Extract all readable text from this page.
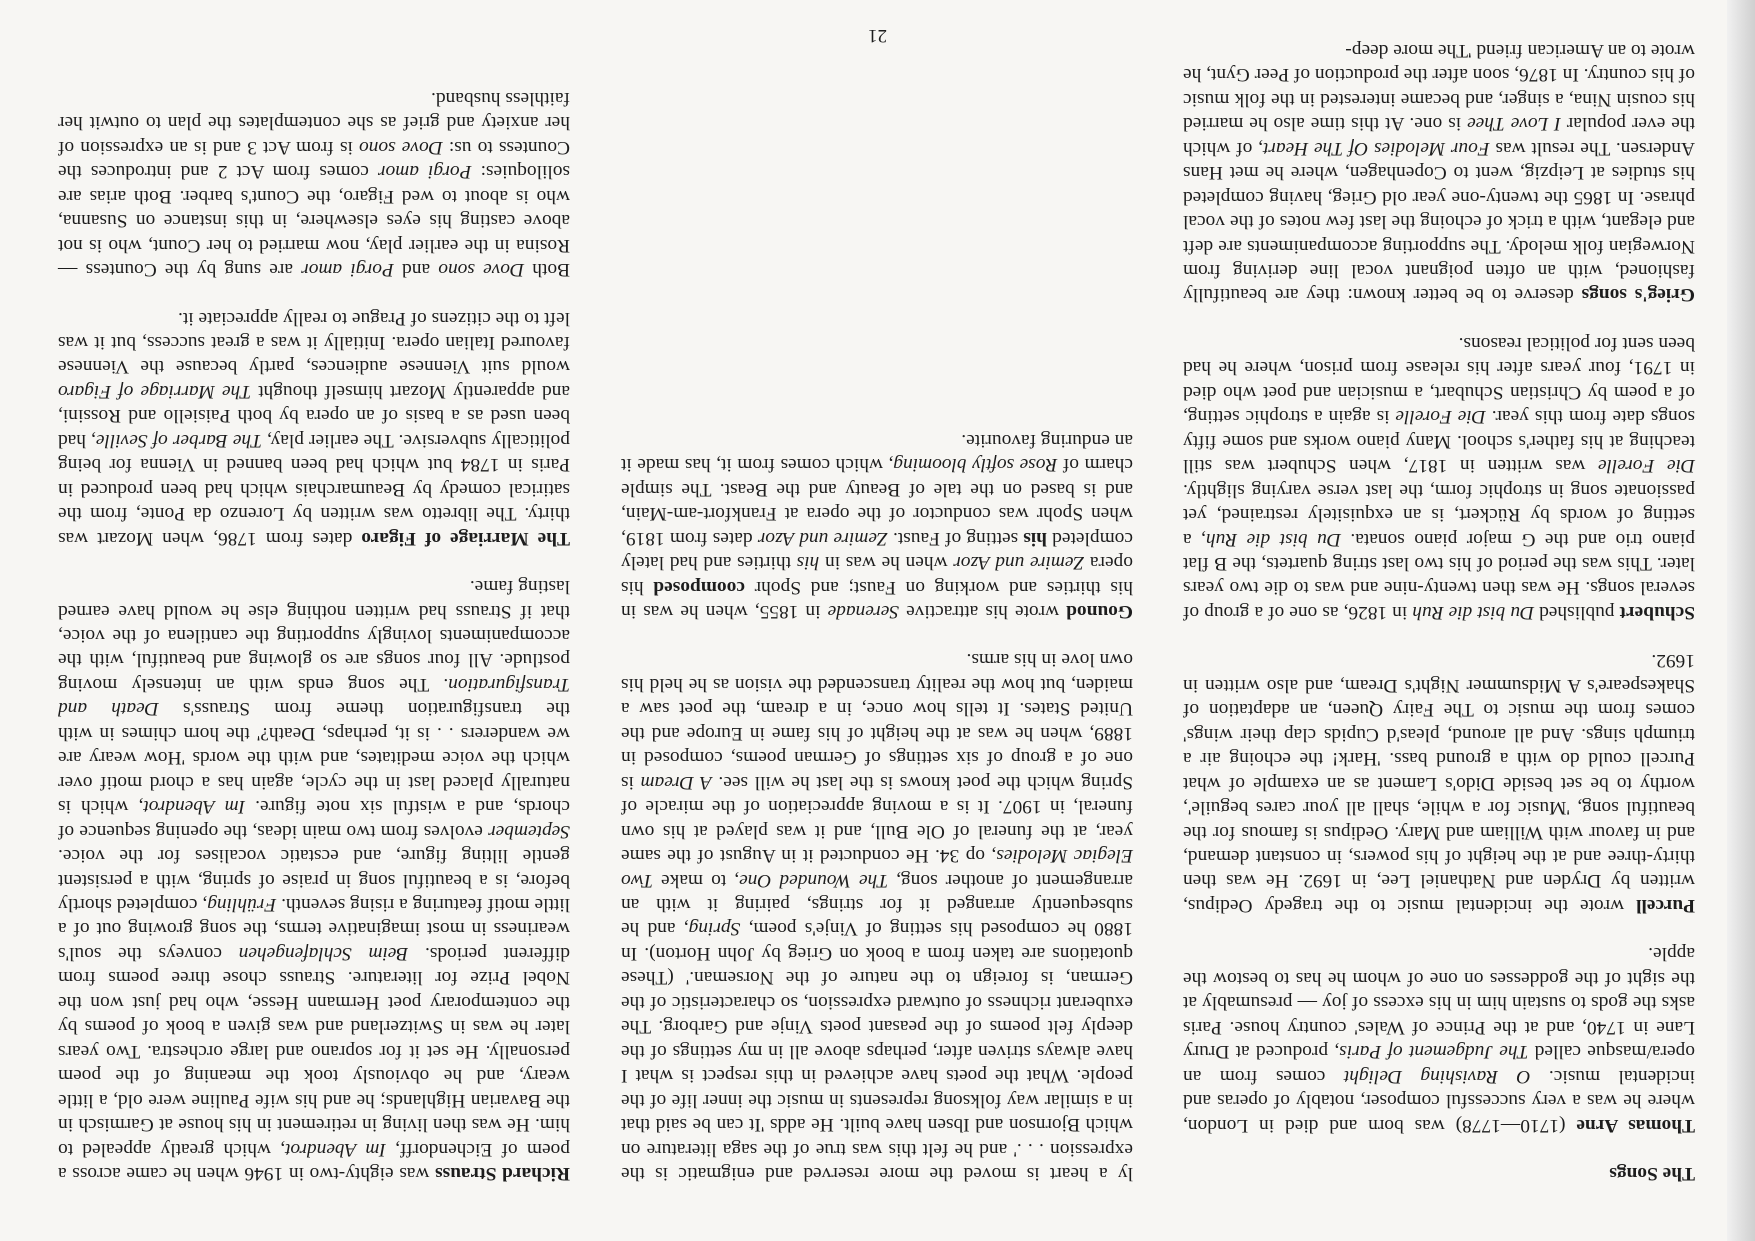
The Songs

Thomas Arne (1710—1778) was born and died in London, where he was a very successful composer, notably of operas and incidental music. O Ravishing Delight comes from an opera/masque called The Judgement of Paris, produced at Drury Lane in 1740, and at the Prince of Wales' country house. Paris asks the gods to sustain him in his excess of joy — presumably at the sight of the goddesses on one of whom he has to bestow the apple.

Purcell wrote the incidental music to the tragedy Oedipus, written by Dryden and Nathaniel Lee, in 1692. He was then thirty-three and at the height of his powers, in constant demand, and in favour with William and Mary. Oedipus is famous for the beautiful song, 'Music for a while, shall all your cares beguile', worthy to be set beside Dido's Lament as an example of what Purcell could do with a ground bass. 'Hark! the echoing air a triumph sings. And all around, pleas'd Cupids clap their wings' comes from the music to The Fairy Queen, an adaptation of Shakespeare's A Midsummer Night's Dream, and also written in 1692.

Schubert published Du bist die Ruh in 1826, as one of a group of several songs. He was then twenty-nine and was to die two years later. This was the period of his two last string quartets, the B flat piano trio and the G major piano sonata. Du bist die Ruh, a setting of words by Rückert, is an exquisitely restrained, yet passionate song in strophic form, the last verse varying slightly. Die Forelle was written in 1817, when Schubert was still teaching at his father's school. Many piano works and some fifty songs date from this year. Die Forelle is again a strophic setting, of a poem by Christian Schubart, a musician and poet who died in 1791, four years after his release from prison, where he had been sent for political reasons.

Grieg's songs deserve to be better known: they are beautifully fashioned, with an often poignant vocal line deriving from Norwegian folk melody. The supporting accompaniments are deft and elegant, with a trick of echoing the last few notes of the vocal phrase. In 1865 the twenty-one year old Grieg, having completed his studies at Leipzig, went to Copenhagen, where he met Hans Andersen. The result was Four Melodies Of The Heart, of which the ever popular I Love Thee is one. At this time also he married his cousin Nina, a singer, and became interested in the folk music of his country. In 1876, soon after the production of Peer Gynt, he wrote to an American friend 'The more deep-

ly a heart is moved the more reserved and enigmatic is the expression . . .' and he felt this was true of the saga literature on which Bjornson and Ibsen have built. He adds 'It can be said that in a similar way folksong represents in music the inner life of the people. What the poets have achieved in this respect is what I have always striven after, perhaps above all in my settings of the deeply felt poems of the peasant poets Vinje and Garborg. The exuberant richness of outward expression, so characteristic of the German, is foreign to the nature of the Norseman.' (These quotations are taken from a book on Grieg by John Horton). In 1880 he composed his setting of Vinje's poem, Spring, and he subsequently arranged it for strings, pairing it with an arrangement of another song, The Wounded One, to make Two Elegiac Melodies, op 34. He conducted it in August of the same year, at the funeral of Ole Bull, and it was played at his own funeral, in 1907. It is a moving appreciation of the miracle of Spring which the poet knows is the last he will see. A Dream is one of a group of six settings of German poems, composed in 1889, when he was at the height of his fame in Europe and the United States. It tells how once, in a dream, the poet saw a maiden, but how the reality transcended the vision as he held his own love in his arms.

Gounod wrote his attractive Serenade in 1855, when he was in his thirties and working on Faust; and Spohr coomposed his opera Zemire und Azor when he was in his thirties and had lately completed his setting of Faust. Zemire und Azor dates from 1819, when Spohr was conductor of the opera at Frankfort-am-Main, and is based on the tale of Beauty and the Beast. The simple charm of Rose softly blooming, which comes from it, has made it an enduring favourite.

Richard Strauss was eighty-two in 1946 when he came across a poem of Eichendorff, Im Abendrot, which greatly appealed to him. He was then living in retirement in his house at Garmisch in the Bavarian Highlands; he and his wife Pauline were old, a little weary, and he obviously took the meaning of the poem personally. He set it for soprano and large orchestra. Two years later he was in Switzerland and was given a book of poems by the contemporary poet Hermann Hesse, who had just won the Nobel Prize for literature. Strauss chose three poems from different periods. Beim Schlafengehen conveys the soul's weariness in most imaginative terms, the song growing out of a little motif featuring a rising seventh. Frühling, completed shortly before, is a beautiful song in praise of spring, with a persistent gentle lilting figure, and ecstatic vocalises for the voice. September evolves from two main ideas, the opening sequence of chords, and a wistful six note figure. Im Abendrot, which is naturally placed last in the cycle, again has a chord motif over which the voice meditates, and with the words 'How weary are we wanderers . . is it, perhaps, Death?' the horn chimes in with the transfiguration theme from Strauss's Death and Transfiguration. The song ends with an intensely moving postlude. All four songs are so glowing and beautiful, with the accompaniments lovingly supporting the cantilena of the voice, that if Strauss had written nothing else he would have earned lasting fame.

The Marriage of Figaro dates from 1786, when Mozart was thirty. The libretto was written by Lorenzo da Ponte, from the satirical comedy by Beaumarchais which had been produced in Paris in 1784 but which had been banned in Vienna for being politically subversive. The earlier play, The Barber of Seville, had been used as a basis of an opera by both Paisiello and Rossini, and apparently Mozart himself thought The Marriage of Figaro would suit Viennese audiences, partly because the Viennese favoured Italian opera. Initially it was a great success, but it was left to the citizens of Prague to really appreciate it.

Both Dove sono and Porgi amor are sung by the Countess — Rosina in the earlier play, now married to her Count, who is not above casting his eyes elsewhere, in this instance on Susanna, who is about to wed Figaro, the Count's barber. Both arias are soliloquies: Porgi amor comes from Act 2 and introduces the Countess to us: Dove sono is from Act 3 and is an expression of her anxiety and grief as she contemplates the plan to outwit her faithless husband.

21
